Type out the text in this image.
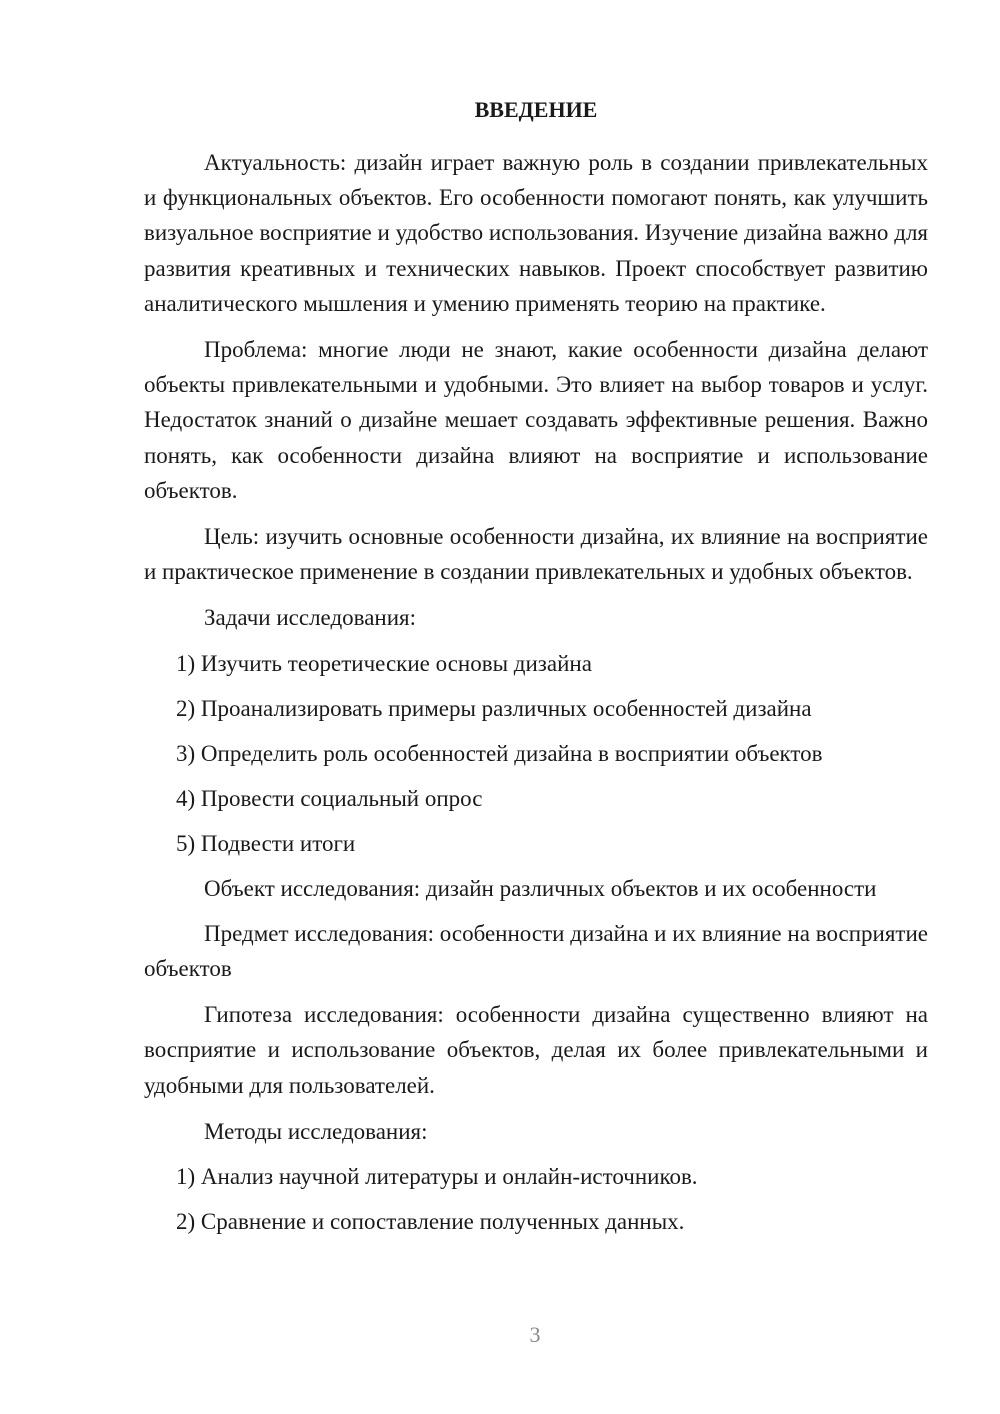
ВВЕДЕНИЕ

Актуальность: дизайн играет важную роль в создании привлекательных и функциональных объектов. Его особенности помогают понять, как улучшить визуальное восприятие и удобство использования. Изучение дизайна важно для развития креативных и технических навыков. Проект способствует развитию аналитического мышления и умению применять теорию на практике.

Проблема: многие люди не знают, какие особенности дизайна делают объекты привлекательными и удобными. Это влияет на выбор товаров и услуг. Недостаток знаний о дизайне мешает создавать эффективные решения. Важно понять, как особенности дизайна влияют на восприятие и использование объектов.

Цель: изучить основные особенности дизайна, их влияние на восприятие и практическое применение в создании привлекательных и удобных объектов.

Задачи исследования:

1) Изучить теоретические основы дизайна

2) Проанализировать примеры различных особенностей дизайна

3) Определить роль особенностей дизайна в восприятии объектов

4) Провести социальный опрос

5) Подвести итоги

Объект исследования: дизайн различных объектов и их особенности

Предмет исследования: особенности дизайна и их влияние на восприятие объектов

Гипотеза исследования: особенности дизайна существенно влияют на восприятие и использование объектов, делая их более привлекательными и удобными для пользователей.

Методы исследования:

1) Анализ научной литературы и онлайн-источников.

2) Сравнение и сопоставление полученных данных.

3
